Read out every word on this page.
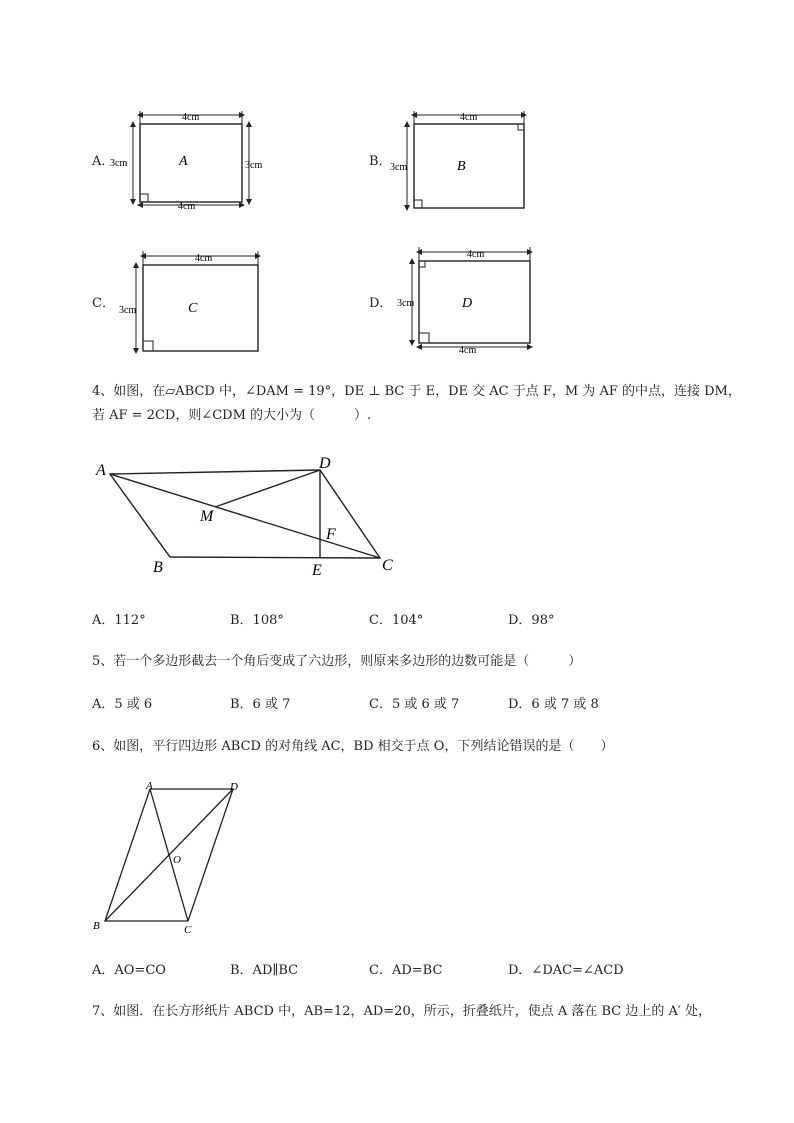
A．
4cm
4cm
3cm	3cm
A	B．
4cm
3cm	B
C．
4cm
3cm	C	D．
4cm
4cm
3cm	D
4、如图，在▱ABCD 中，∠DAM = 19°，DE ⊥ BC 于 E，DE 交 AC 于点 F，M 为 AF 的中点，连接 DM，
若 AF = 2CD，则∠CDM 的大小为（　　　）.
A	D
M
F
B	E	C
A．112°	B．108°	C．104°	D．98°
5、若一个多边形截去一个角后变成了六边形，则原来多边形的边数可能是（　　　）
A．5 或 6	B．6 或 7	C．5 或 6 或 7	D．6 或 7 或 8
6、如图，平行四边形 ABCD 的对角线 AC，BD 相交于点 O，下列结论错误的是（　　）
A	D
O
B	C
A．AO=CO	B．AD∥BC	C．AD=BC	D．∠DAC=∠ACD
7、如图．在长方形纸片 ABCD 中，AB=12，AD=20，所示，折叠纸片，使点 A 落在 BC 边上的 A′ 处，
